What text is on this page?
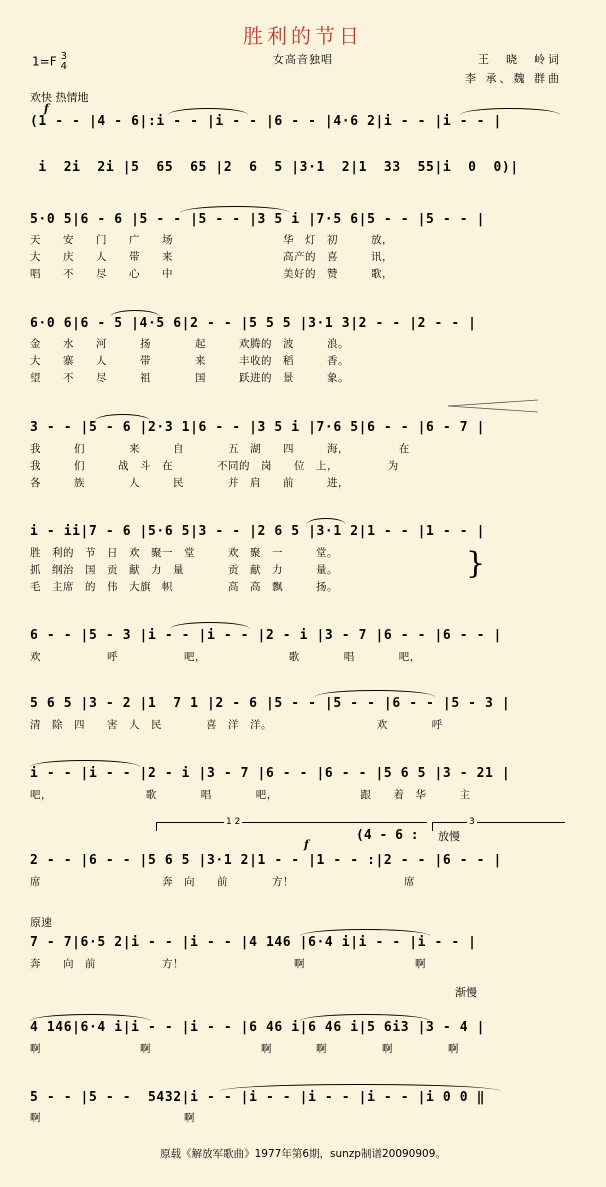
胜利的节日
1=F 3
4
女高音独唱	王　晓　岭词
李 承、魏 群曲
欢快 热情地
f
(1 - - |4 - 6|:i - - |i - - |6 - - |4·6 2|i - - |i - - |
i  2i  2i |5  65  65 |2  6  5 |3·1  2|1  33  55|i  0  0)|
5·0 5|6 - 6 |5 - - |5 - - |3 5 i |7·5 6|5 - - |5 - - |
天　　安　　门　　广　　场　　　　　　　　　　华　灯　初　　　放，
大　　庆　　人　　带　　来　　　　　　　　　　高产的　喜　　　讯，
唱　　不　　尽　　心　　中　　　　　　　　　　美好的　赞　　　歌，
6·0 6|6 - 5 |4·5 6|2 - - |5 5 5 |3·1 3|2 - - |2 - - |
金　　水　　河　　　扬　　　　起　　　欢腾的　波　　　浪。
大　　寨　　人　　　带　　　　来　　　丰收的　稻　　　香。
望　　不　　尽　　　祖　　　　国　　　跃进的　景　　　象。
3 - - |5 - 6 |2·3 1|6 - - |3 5 i |7·6 5|6 - - |6 - 7 |
我　　　们　　　　来　　　自　　　　五　湖　　四　　　海，　　　　　在
我　　　们　　　战　斗　在　　　　不同的　岗　　位　上，　　　　　为
各　　　族　　　　人　　　民　　　　并　肩　　前　　　进，
i - ii|7 - 6 |5·6 5|3 - - |2 6 5 |3·1 2|1 - - |1 - - |
胜　利的　节　日　欢　聚一　堂　　　欢　聚　一　　　堂。
抓　纲治　国　贡　献　力　量　　　　贡　献　力　　　量。
毛　主席　的　伟　大旗　帜　　　　　高　高　飘　　　扬。
}
6 - - |5 - 3 |i - - |i - - |2 - i |3 - 7 |6 - - |6 - - |
欢　　　　　　呼　　　　　　吧，　　　　　　　　歌　　　　唱　　　　吧，
5 6 5 |3 - 2 |1  7 1 |2 - 6 |5 - - |5 - - |6 - - |5 - 3 |
清　除　四　　害　人　民　　　　喜　洋　洋。　　　　　　　　　　欢　　　　呼
i - - |i - - |2 - i |3 - 7 |6 - - |6 - - |5 6 5 |3 - 21 |
吧，　　　　　　　　　歌　　　　唱　　　　吧，　　　　　　　　跟　　着　华　　　主
1 2	3
(4 - 6 : 放慢
f
2 - - |6 - - |5 6 5 |3·1 2|1 - - |1 - - :|2 - - |6 - - |
席　　　　　　　　　　　奔　向　　前　　　　方！　　　　　　　　　　席
原速
7 - 7|6·5 2|i - - |i - - |4 146 |6·4 i|i - - |i - - |
奔　　向　前　　　　　　方！　　　　　　　　　　啊　　　　　　　　　　啊
渐慢
4 146|6·4 i|i - - |i - - |6 46 i|6 46 i|5 6i3 |3 - 4 |
啊　　　　　　　　　啊　　　　　　　　　　啊　　　　啊　　　　　啊　　　　　啊
5 - - |5 - -  5432|i - - |i - - |i - - |i - - |i 0 0 ‖
啊　　　　　　　　　　　　　啊
原载《解放军歌曲》1977年第6期，sunzp制谱20090909。
